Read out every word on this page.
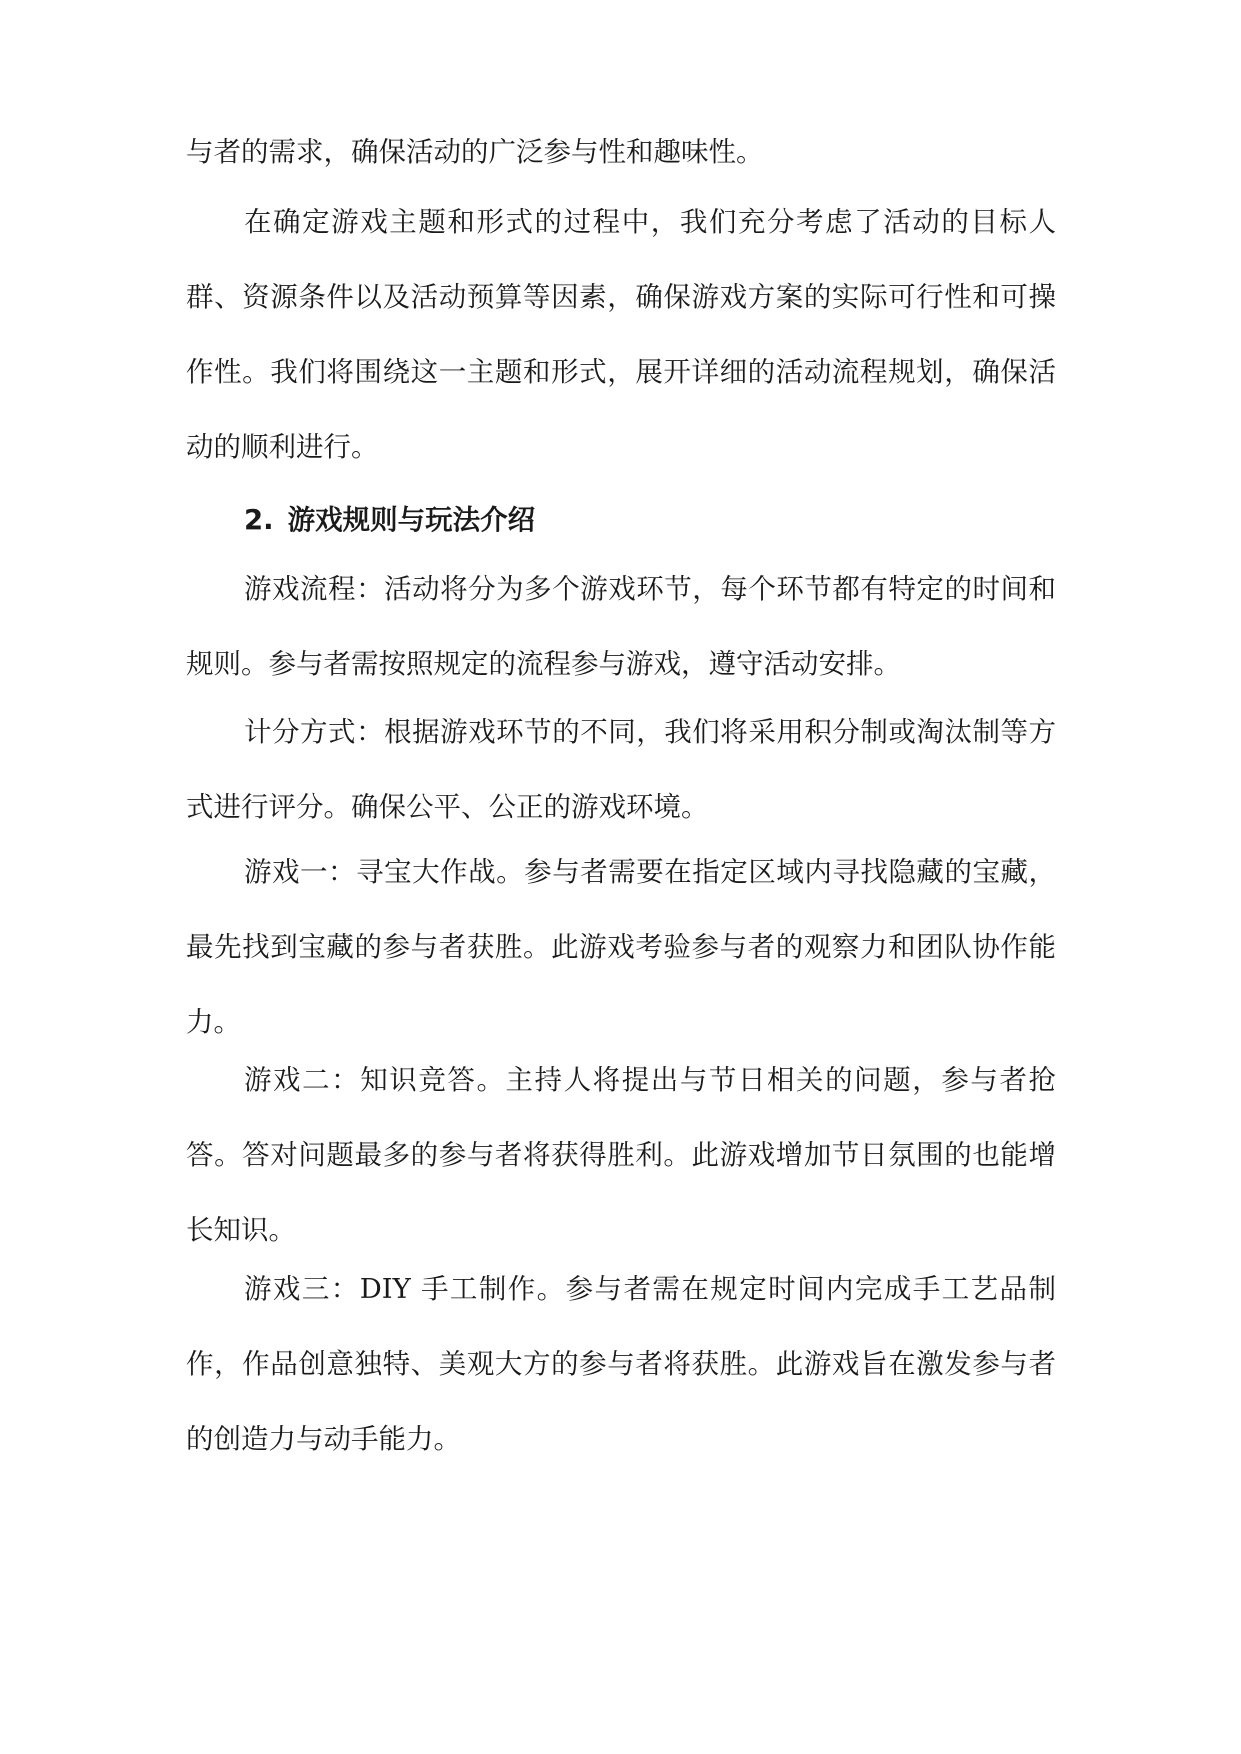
与者的需求，确保活动的广泛参与性和趣味性。

在确定游戏主题和形式的过程中，我们充分考虑了活动的目标人群、资源条件以及活动预算等因素，确保游戏方案的实际可行性和可操作性。我们将围绕这一主题和形式，展开详细的活动流程规划，确保活动的顺利进行。

2. 游戏规则与玩法介绍

游戏流程：活动将分为多个游戏环节，每个环节都有特定的时间和规则。参与者需按照规定的流程参与游戏，遵守活动安排。

计分方式：根据游戏环节的不同，我们将采用积分制或淘汰制等方式进行评分。确保公平、公正的游戏环境。

游戏一：寻宝大作战。参与者需要在指定区域内寻找隐藏的宝藏，最先找到宝藏的参与者获胜。此游戏考验参与者的观察力和团队协作能力。

游戏二：知识竞答。主持人将提出与节日相关的问题，参与者抢答。答对问题最多的参与者将获得胜利。此游戏增加节日氛围的也能增长知识。

游戏三：DIY 手工制作。参与者需在规定时间内完成手工艺品制作，作品创意独特、美观大方的参与者将获胜。此游戏旨在激发参与者的创造力与动手能力。
